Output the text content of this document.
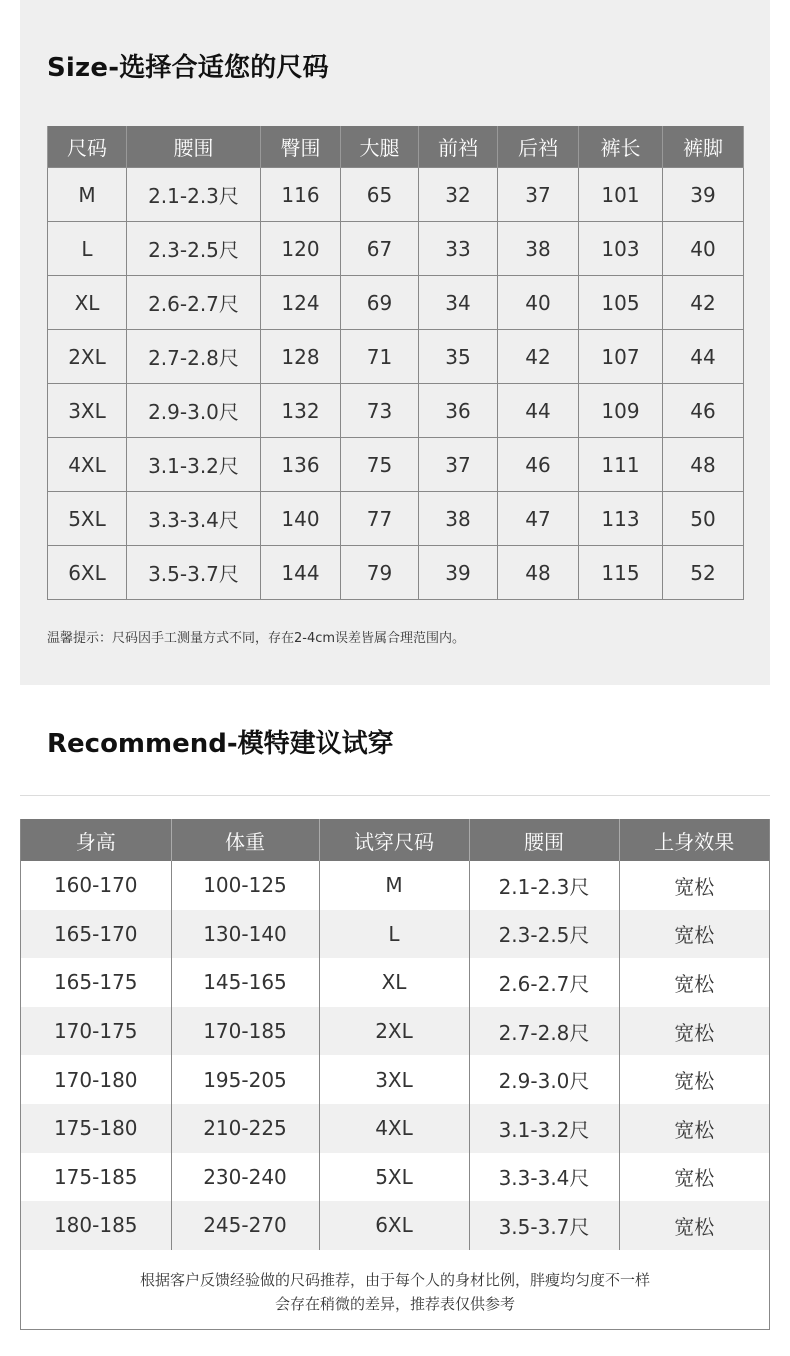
Size-选择合适您的尺码
尺码	腰围	臀围	大腿	前裆	后裆	裤长	裤脚
M	2.1-2.3尺	116	65	32	37	101	39
L	2.3-2.5尺	120	67	33	38	103	40
XL	2.6-2.7尺	124	69	34	40	105	42
2XL	2.7-2.8尺	128	71	35	42	107	44
3XL	2.9-3.0尺	132	73	36	44	109	46
4XL	3.1-3.2尺	136	75	37	46	111	48
5XL	3.3-3.4尺	140	77	38	47	113	50
6XL	3.5-3.7尺	144	79	39	48	115	52

温馨提示：尺码因手工测量方式不同，存在2-4cm误差皆属合理范围内。

Recommend-模特建议试穿
身高	体重	试穿尺码	腰围	上身效果
160-170	100-125	M	2.1-2.3尺	宽松
165-170	130-140	L	2.3-2.5尺	宽松
165-175	145-165	XL	2.6-2.7尺	宽松
170-175	170-185	2XL	2.7-2.8尺	宽松
170-180	195-205	3XL	2.9-3.0尺	宽松
175-180	210-225	4XL	3.1-3.2尺	宽松
175-185	230-240	5XL	3.3-3.4尺	宽松
180-185	245-270	6XL	3.5-3.7尺	宽松
根据客户反馈经验做的尺码推荐，由于每个人的身材比例，胖瘦均匀度不一样
会存在稍微的差异，推荐表仅供参考
